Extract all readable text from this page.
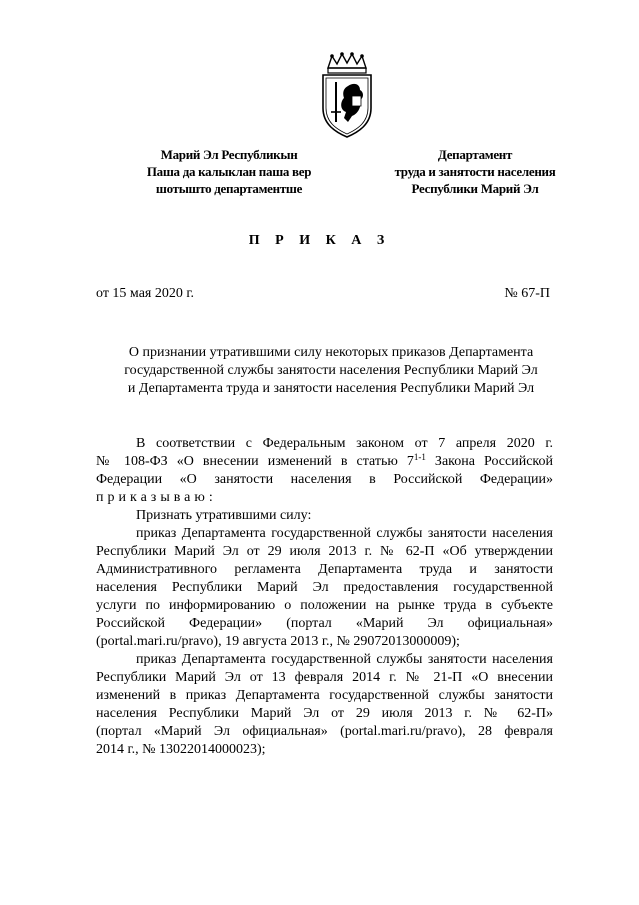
Марий Эл Республикын
Паша да калыклан паша вер
шотышто департаментше
Департамент
труда и занятости населения
Республики Марий Эл
П Р И К А З
от 15 мая 2020 г.	№ 67-П
О признании утратившими силу некоторых приказов Департамента
государственной службы занятости населения Республики Марий Эл
и Департамента труда и занятости населения Республики Марий Эл
В соответствии с Федеральным законом от 7 апреля 2020 г.
№ 108-ФЗ «О внесении изменений в статью 7$^{1-1}$ Закона Российской
Федерации «О занятости населения в Российской Федерации»
приказываю:
Признать утратившими силу:
приказ Департамента государственной службы занятости населения
Республики Марий Эл от 29 июля 2013 г. № 62-П «Об утверждении
Административного регламента Департамента труда и занятости
населения Республики Марий Эл предоставления государственной
услуги по информированию о положении на рынке труда в субъекте
Российской Федерации» (портал «Марий Эл официальная»
(portal.mari.ru/pravo), 19 августа 2013 г., № 29072013000009);
приказ Департамента государственной службы занятости населения
Республики Марий Эл от 13 февраля 2014 г. № 21-П «О внесении
изменений в приказ Департамента государственной службы занятости
населения Республики Марий Эл от 29 июля 2013 г. № 62-П»
(портал «Марий Эл официальная» (portal.mari.ru/pravo), 28 февраля
2014 г., № 13022014000023);
